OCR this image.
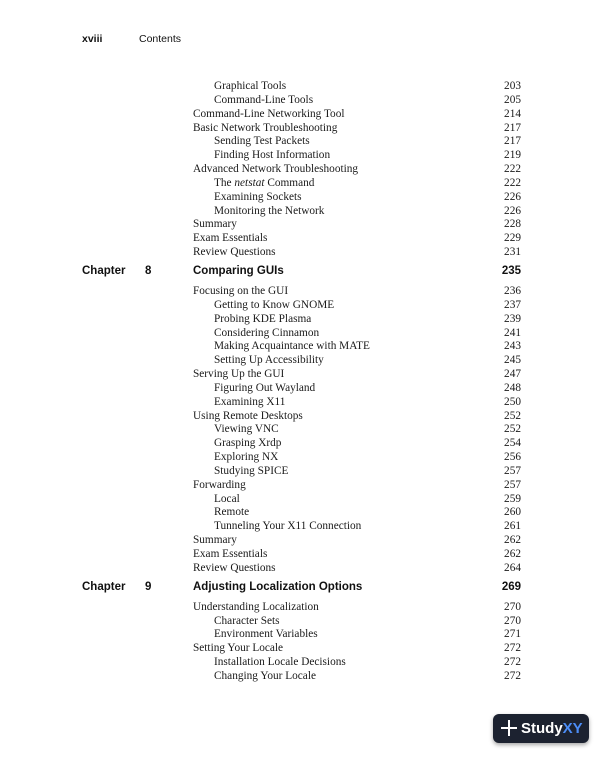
xviii	Contents
Graphical Tools	203
Command-Line Tools	205
Command-Line Networking Tool	214
Basic Network Troubleshooting	217
Sending Test Packets	217
Finding Host Information	219
Advanced Network Troubleshooting	222
The netstat Command	222
Examining Sockets	226
Monitoring the Network	226
Summary	228
Exam Essentials	229
Review Questions	231
Chapter 8	Comparing GUIs	235
Focusing on the GUI	236
Getting to Know GNOME	237
Probing KDE Plasma	239
Considering Cinnamon	241
Making Acquaintance with MATE	243
Setting Up Accessibility	245
Serving Up the GUI	247
Figuring Out Wayland	248
Examining X11	250
Using Remote Desktops	252
Viewing VNC	252
Grasping Xrdp	254
Exploring NX	256
Studying SPICE	257
Forwarding	257
Local	259
Remote	260
Tunneling Your X11 Connection	261
Summary	262
Exam Essentials	262
Review Questions	264
Chapter 9	Adjusting Localization Options	269
Understanding Localization	270
Character Sets	270
Environment Variables	271
Setting Your Locale	272
Installation Locale Decisions	272
Changing Your Locale	272
StudyXY
